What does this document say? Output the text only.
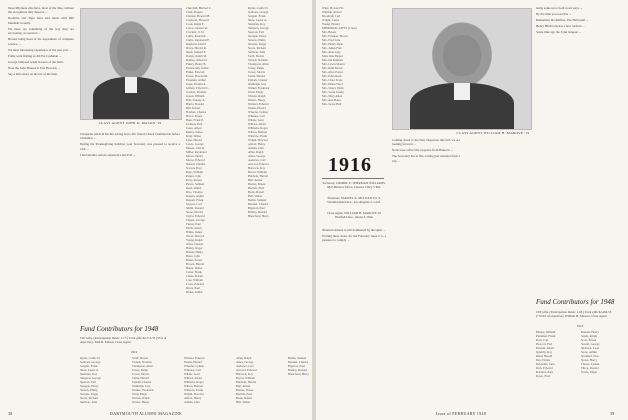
those Rhymers who have, most of the time, without the recognition they deserve, ...

Doolittle and Tiger have had lunch with Phil Marshall recently.

We must say something of the way they are recovering, as reported ...

Brooks being head of the department of computer science, ...

We most interesting experience of the past year ...

Eddie went fishing as did Pat Cushman ...

George Simpson sends in news of the farm.

Note the Joint Houses at Fort Howard, ...

Say a little more on the bio of the men.

CLASS AGENT JOHN R. MASON '19

Choquette sends in his life-saving news. He visited Chuck Clammerlon before Christmas ...

During the Thanksgiving holidays your Secretary was pleased to receive a visit ...

I had another serious experience last Fall ...

Fund Contributors for 1948
196 Gifts. (Participation Index: 1.17.) Total gifts $2,715.35 (53% of objective). John R. Mason, Class Agent.
1919
Ryder, Cedric D.
Sanborn, George
Sargent, Frank
Shaw, Lester A.
Sherman, Roy
Simpson, George
Spencer, Earl
Sprague, Harry
Stearns, Philip
Stevens, Roger
Storrs, Richard
Sullivan, John
Swift, Dexter
Tarbell, Norman
Thompson, Allen
Tobey, Ralph
Tower, Morris
Tuttle, Harold
Upham, Chester
Wadleigh, Guy
Walker, Frederick
Ward, Edgar
Warren, Ralph
Waters, Henry
Webster, Edward
Weeks, Harold
Wheeler, Lyman
Whitney, Carl
Wilder, Leon
Willard, Albert
Williams, Roger
Wilson, Herbert
Winslow, Frank
Wright, Howard
Abbott, Henry
Adams, John
Allen, Ralph
Ames, George
Andrews, Carl
Atwood, Edward
Babcock, Roy
Bacon, William
Baldwin, Harold
Ball, Arthur
Barnes, Ernest
Bartlett, Fred
Beals, Robert
Bell, Walter
Bemis, Samuel
Bennett, Charles
Bigelow, Paul
Bishop, Donald
Blanchard, Harry
Churchill, Herbert C.
Clark, Rogers
Cleland, Howard B.
Cogswell, Howard
Cook, Ralph E.
Corey, Chester W.
Crockett, Jr. D.
Cullis, Roderick
Curtis, Raymond F.
Danforth, David
Davis, Harold D.
Dean, Samuel E.
Dodge, Ralph M.
Dudley, Albert D.
Emery, Henry B.
Farnsworth, Julian
Fisher, Edward
Foster, Howard R.
Freeman, Arthur
Gage, Frederick
Gilbert, Edward C.
Gordon, Thomas
Green, William
Hall, Stanley A.
Harris, Donald
Hill, Robert
Holmes, Charles
Howe, Ernest
Hunt, Frank E.
Jackson, Paul
Jones, Albert
Kelley, James
King, Walter
Lane, Harold
Lewis, George
Mason, John R.
Miller, Raymond
Moore, Henry
Morse, Edward
Nelson, Charles
Norton, Fred
Page, William
Parker, John
Perry, Robert
Pierce, Samuel
Reed, Walter
Rice, Thomas
Rogers, Arthur
Russell, Frank
Sawyer, Carl
Smith, Donald
Stone, Harold
Taylor, Edward
Thayer, George
Turner, Paul
Wells, Albert
White, James
Wood, Howard
Young, Ralph
Allen, Chester
Bailey, Roger
Barker, Henry
Bates, John
Blake, Ernest
Brown, Harold
Burns, Walter
Carter, Frank
Chase, Robert
Cole, William
Cross, Edward
Davis, Paul
Drake, Arthur
Ryder, Cedric D.
Sanborn, George
Sargent, Frank
Shaw, Lester A.
Sherman, Roy
Simpson, George
Spencer, Earl
Sprague, Harry
Stearns, Philip
Stevens, Roger
Storrs, Richard
Sullivan, John
Swift, Dexter
Tarbell, Norman
Thompson, Allen
Tobey, Ralph
Tower, Morris
Tuttle, Harold
Upham, Chester
Wadleigh, Guy
Walker, Frederick
Ward, Edgar
Warren, Ralph
Waters, Henry
Webster, Edward
Weeks, Harold
Wheeler, Lyman
Whitney, Carl
Wilder, Leon
Willard, Albert
Williams, Roger
Wilson, Herbert
Winslow, Frank
Wright, Howard
Abbott, Henry
Adams, John
Allen, Ralph
Ames, George
Andrews, Carl
Atwood, Edward
Babcock, Roy
Bacon, William
Baldwin, Harold
Ball, Arthur
Barnes, Ernest
Bartlett, Fred
Beals, Robert
Bell, Walter
Bemis, Samuel
Bennett, Charles
Bigelow, Paul
Bishop, Donald
Blanchard, Harry
38	DARTMOUTH ALUMNI MAGAZINE
Wing, Howard W.
Winship, Robert
Woodruff, Carl
Wright, Lester
Young, Harold
MEMORIAL GIFTS (Class)
Mrs. Bessie
Mrs. Frank A. Brown
Mrs. Fred Cole
Mrs. Henry Dean
Mrs. James Fisk
Mrs. Alan Gray
Miss Jane Harper
Mrs. Ida Kimball
Mrs. Lewis Mason
Mrs. Ruth Morse
Mrs. Alice Porter
Mrs. Edna Reed
Mrs. Clara Stone
Mrs. Helen Ward
Mrs. Nancy Wells
Mrs. Sarah Young
Mrs. Mary Allen
Mrs. Ann Bates
Mrs. Grace Bell
1916
Secretary, COMDR. E. SHERMAN WILLIAMS, 6825 Bristow Drive, Cleaves Cincy 5 Md.
Treasurer, SAMUEL K. MCLEAN 351 S. Westmoreland Ave., Los Angeles 5, Calif.
Class Agent, WILLIAM H. MAROVE 29 Westfield Ave., Akron 4, Ohio

Nineteen sixteen is still dominated by the spirit ...

Writing these notes for the February issue it is a pleasure to comply ...

CLASS AGENT WILLIAM H. MAROVE '19

Coming down to the New Departure this fall, we are looking forward ...

Notes now reflect the response from Hanover ...

The Secretary has at this writing just returned from a trip ...

being some up to both coast ways ...

By the time you read this ...

Remember the Ruffner, The Hallowell ...

Henry Hitchcock has a new address ...

Some time ago the Lynn banquet ...

Fund Contributors for 1948
168 Gifts. (Participation Index: 1.03.) Total gifts $2,494.55 (+104% of objective). William H. Marove, Class Agent.
1916
Pinney, William
Plummer, Frank
Pratt, Carl
Prescott, Earl
Putnam, Albert
Quimby, Roy
Rand, Harold
Ray, Walter
Reynolds, John
Rich, Edward
Robbins, Paul
Rowe, Fred
Russell, Henry
Sands, Ralph
Scott, Ernest
Sewall, George
Shattuck, Leon
Snow, Arthur
Stoddard, Ned
Stowe, Harry
Thayer, Lyman
Tilton, Donald
Towle, Edgar
Issue of FEBRUARY 1949	39
